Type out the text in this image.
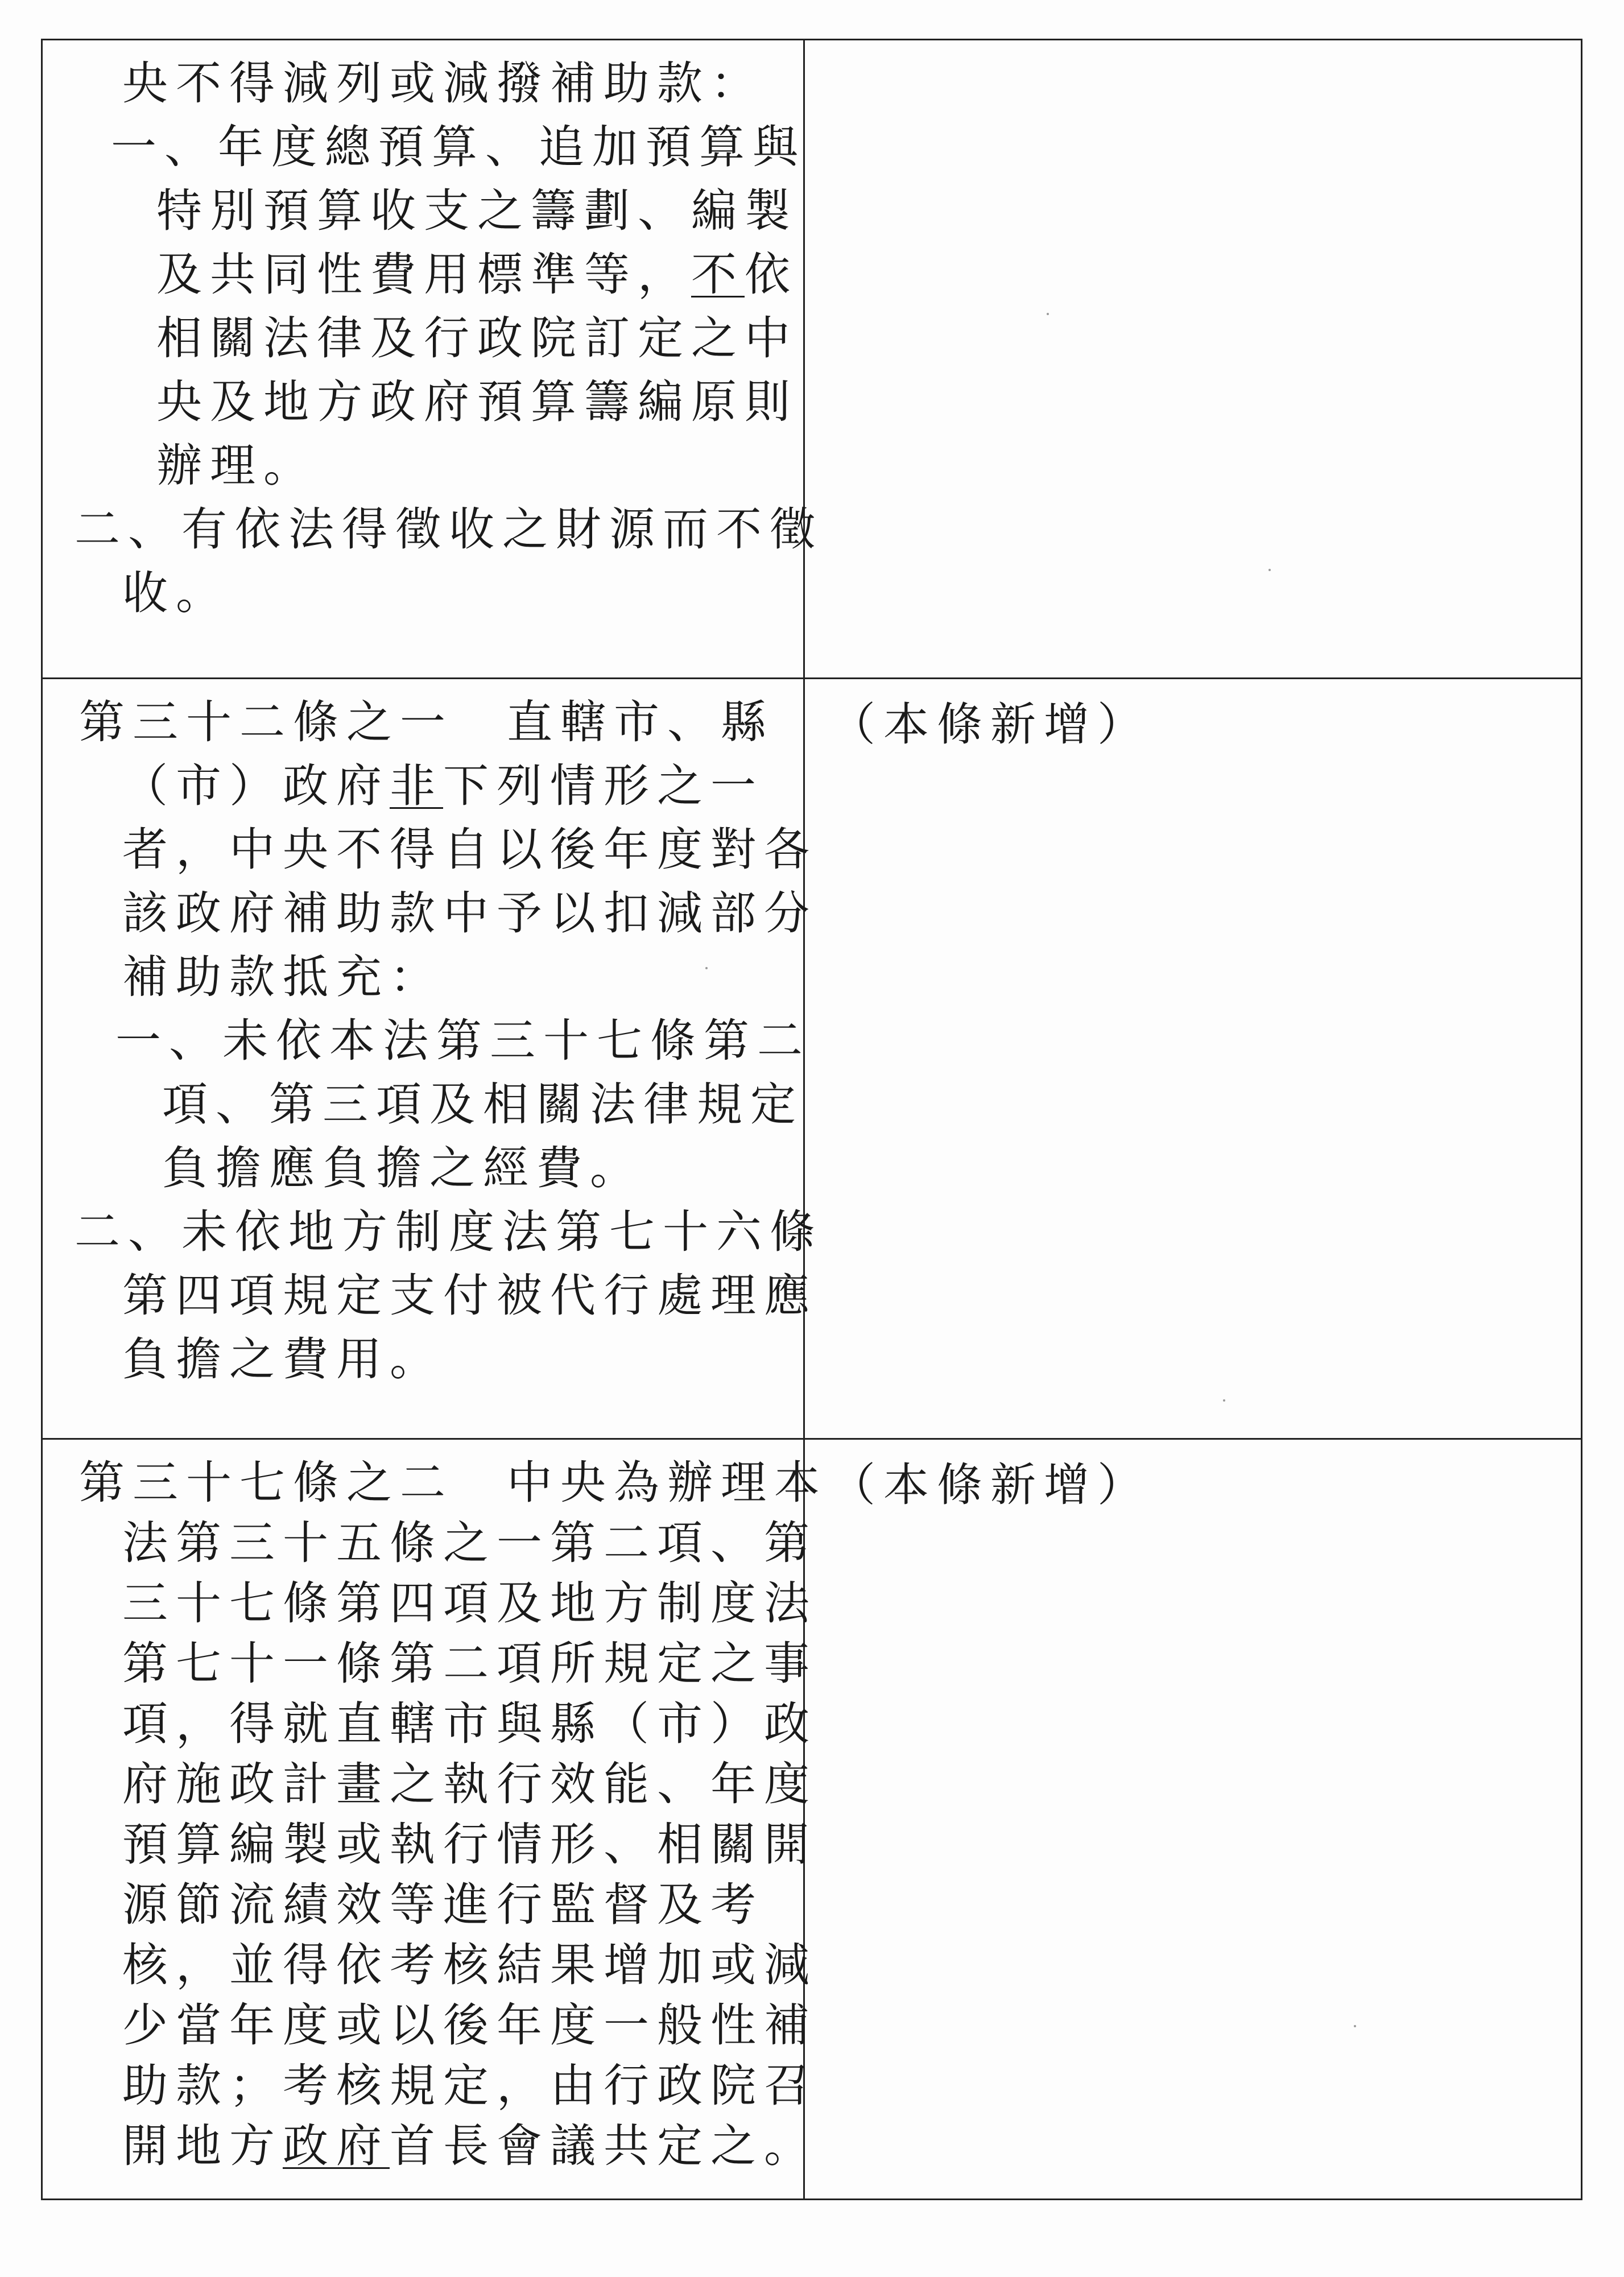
央不得減列或減撥補助款：
一、年度總預算、追加預算與
特別預算收支之籌劃、編製
及共同性費用標準等，不依
相關法律及行政院訂定之中
央及地方政府預算籌編原則
辦理。
二、有依法得徵收之財源而不徵
收。
第三十二條之一　直轄市、縣
（市）政府非下列情形之一
者，中央不得自以後年度對各
該政府補助款中予以扣減部分
補助款抵充：
一、未依本法第三十七條第二
項、第三項及相關法律規定
負擔應負擔之經費。
二、未依地方制度法第七十六條
第四項規定支付被代行處理應
負擔之費用。
（本條新增）
第三十七條之二　中央為辦理本
法第三十五條之一第二項、第
三十七條第四項及地方制度法
第七十一條第二項所規定之事
項，得就直轄市與縣（市）政
府施政計畫之執行效能、年度
預算編製或執行情形、相關開
源節流績效等進行監督及考
核，並得依考核結果增加或減
少當年度或以後年度一般性補
助款；考核規定，由行政院召
開地方政府首長會議共定之。
（本條新增）
